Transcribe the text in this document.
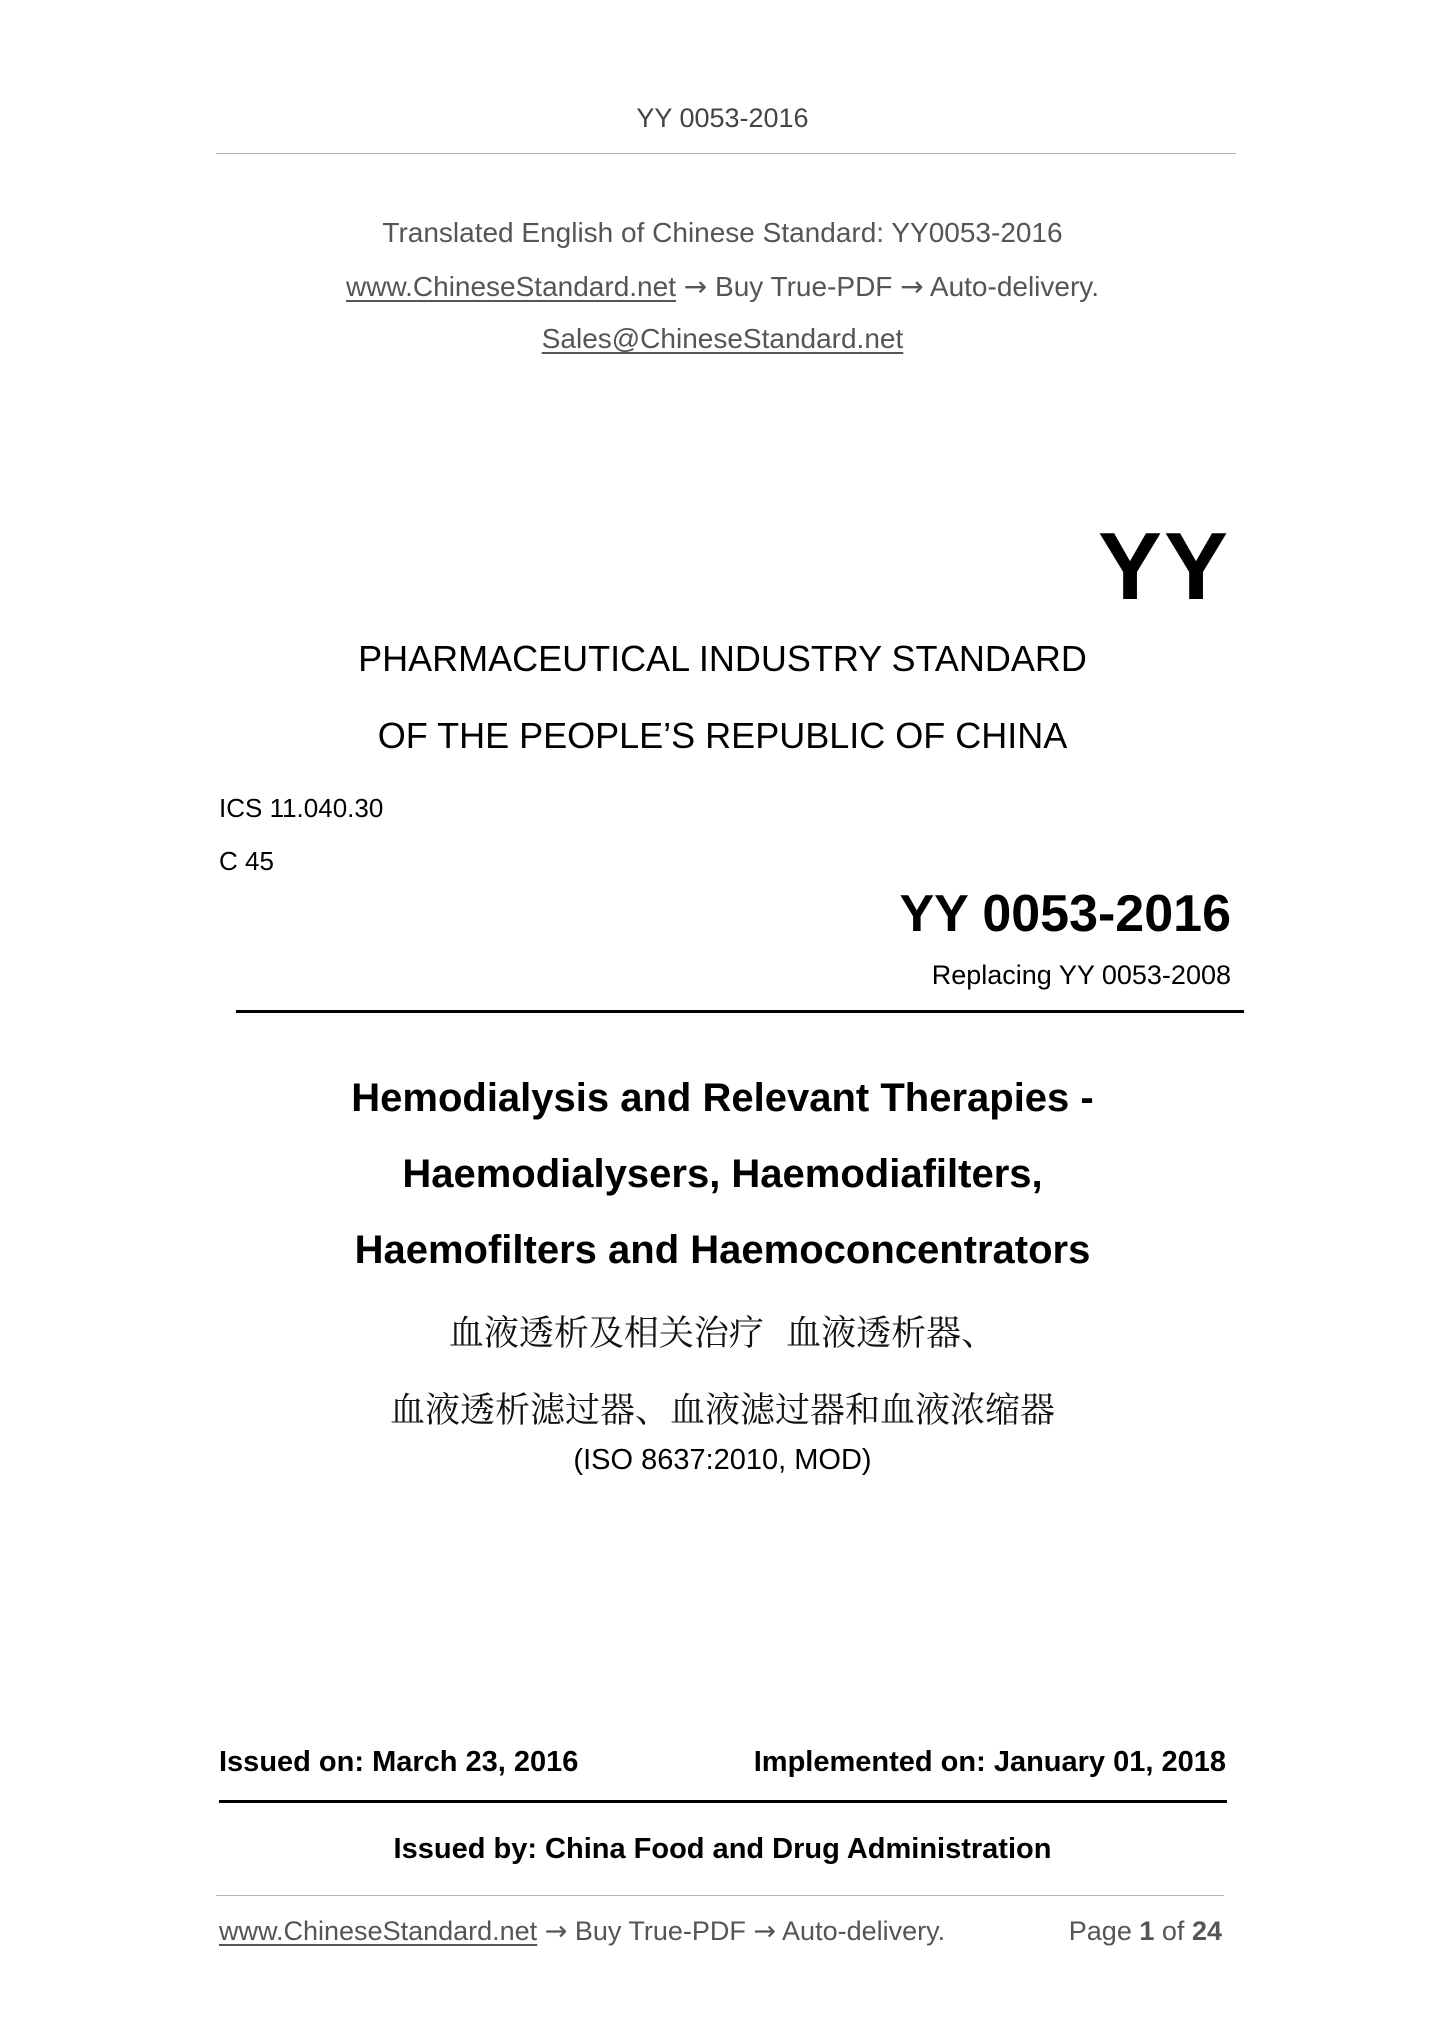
YY 0053-2016
Translated English of Chinese Standard: YY0053-2016
www.ChineseStandard.net → Buy True-PDF → Auto-delivery.
Sales@ChineseStandard.net
YY
PHARMACEUTICAL INDUSTRY STANDARD
OF THE PEOPLE’S REPUBLIC OF CHINA
ICS 11.040.30
C 45
YY 0053-2016
Replacing YY 0053-2008
Hemodialysis and Relevant Therapies -
Haemodialysers, Haemodiafilters,
Haemofilters and Haemoconcentrators
血液透析及相关治疗  血液透析器、
血液透析滤过器、血液滤过器和血液浓缩器
(ISO 8637:2010, MOD)
Issued on: March 23, 2016	Implemented on: January 01, 2018
Issued by: China Food and Drug Administration
www.ChineseStandard.net → Buy True-PDF → Auto-delivery.	Page 1 of 24
